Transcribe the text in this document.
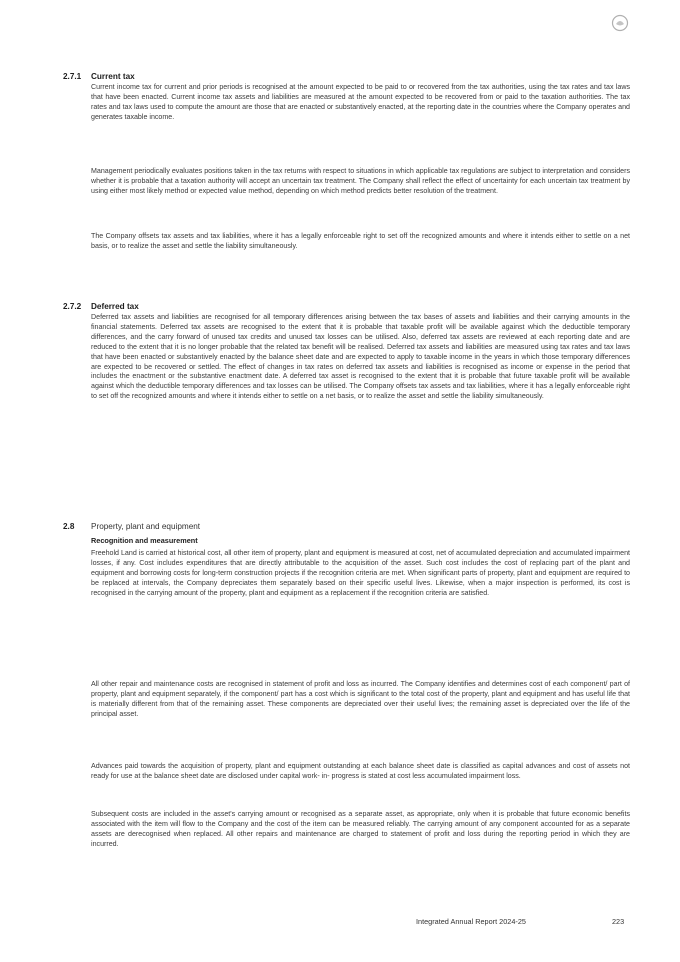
2.7.1 Current tax

Current income tax for current and prior periods is recognised at the amount expected to be paid to or recovered from the tax authorities, using the tax rates and tax laws that have been enacted. Current income tax assets and liabilities are measured at the amount expected to be recovered from or paid to the taxation authorities. The tax rates and tax laws used to compute the amount are those that are enacted or substantively enacted, at the reporting date in the countries where the Company operates and generates taxable income.

Management periodically evaluates positions taken in the tax returns with respect to situations in which applicable tax regulations are subject to interpretation and considers whether it is probable that a taxation authority will accept an uncertain tax treatment. The Company shall reflect the effect of uncertainty for each uncertain tax treatment by using either most likely method or expected value method, depending on which method predicts better resolution of the treatment.

The Company offsets tax assets and tax liabilities, where it has a legally enforceable right to set off the recognized amounts and where it intends either to settle on a net basis, or to realize the asset and settle the liability simultaneously.

2.7.2 Deferred tax

Deferred tax assets and liabilities are recognised for all temporary differences arising between the tax bases of assets and liabilities and their carrying amounts in the financial statements. Deferred tax assets are recognised to the extent that it is probable that taxable profit will be available against which the deductible temporary differences, and the carry forward of unused tax credits and unused tax losses can be utilised. Also, deferred tax assets are reviewed at each reporting date and are reduced to the extent that it is no longer probable that the related tax benefit will be realised. Deferred tax assets and liabilities are measured using tax rates and tax laws that have been enacted or substantively enacted by the balance sheet date and are expected to apply to taxable income in the years in which those temporary differences are expected to be recovered or settled. The effect of changes in tax rates on deferred tax assets and liabilities is recognised as income or expense in the period that includes the enactment or the substantive enactment date. A deferred tax asset is recognised to the extent that it is probable that future taxable profit will be available against which the deductible temporary differences and tax losses can be utilised. The Company offsets tax assets and tax liabilities, where it has a legally enforceable right to set off the recognized amounts and where it intends either to settle on a net basis, or to realize the asset and settle the liability simultaneously.

2.8 Property, plant and equipment
Recognition and measurement

Freehold Land is carried at historical cost, all other item of property, plant and equipment is measured at cost, net of accumulated depreciation and accumulated impairment losses, if any. Cost includes expenditures that are directly attributable to the acquisition of the asset. Such cost includes the cost of replacing part of the plant and equipment and borrowing costs for long-term construction projects if the recognition criteria are met. When significant parts of property, plant and equipment are required to be replaced at intervals, the Company depreciates them separately based on their specific useful lives. Likewise, when a major inspection is performed, its cost is recognised in the carrying amount of the property, plant and equipment as a replacement if the recognition criteria are satisfied.

All other repair and maintenance costs are recognised in statement of profit and loss as incurred. The Company identifies and determines cost of each component/ part of property, plant and equipment separately, if the component/ part has a cost which is significant to the total cost of the property, plant and equipment and has useful life that is materially different from that of the remaining asset. These components are depreciated over their useful lives; the remaining asset is depreciated over the life of the principal asset.

Advances paid towards the acquisition of property, plant and equipment outstanding at each balance sheet date is classified as capital advances and cost of assets not ready for use at the balance sheet date are disclosed under capital work- in- progress is stated at cost less accumulated impairment loss.

Subsequent costs are included in the asset's carrying amount or recognised as a separate asset, as appropriate, only when it is probable that future economic benefits associated with the item will flow to the Company and the cost of the item can be measured reliably. The carrying amount of any component accounted for as a separate assets are derecognised when replaced. All other repairs and maintenance are charged to statement of profit and loss during the reporting period in which they are incurred.

Integrated Annual Report 2024-25	223
